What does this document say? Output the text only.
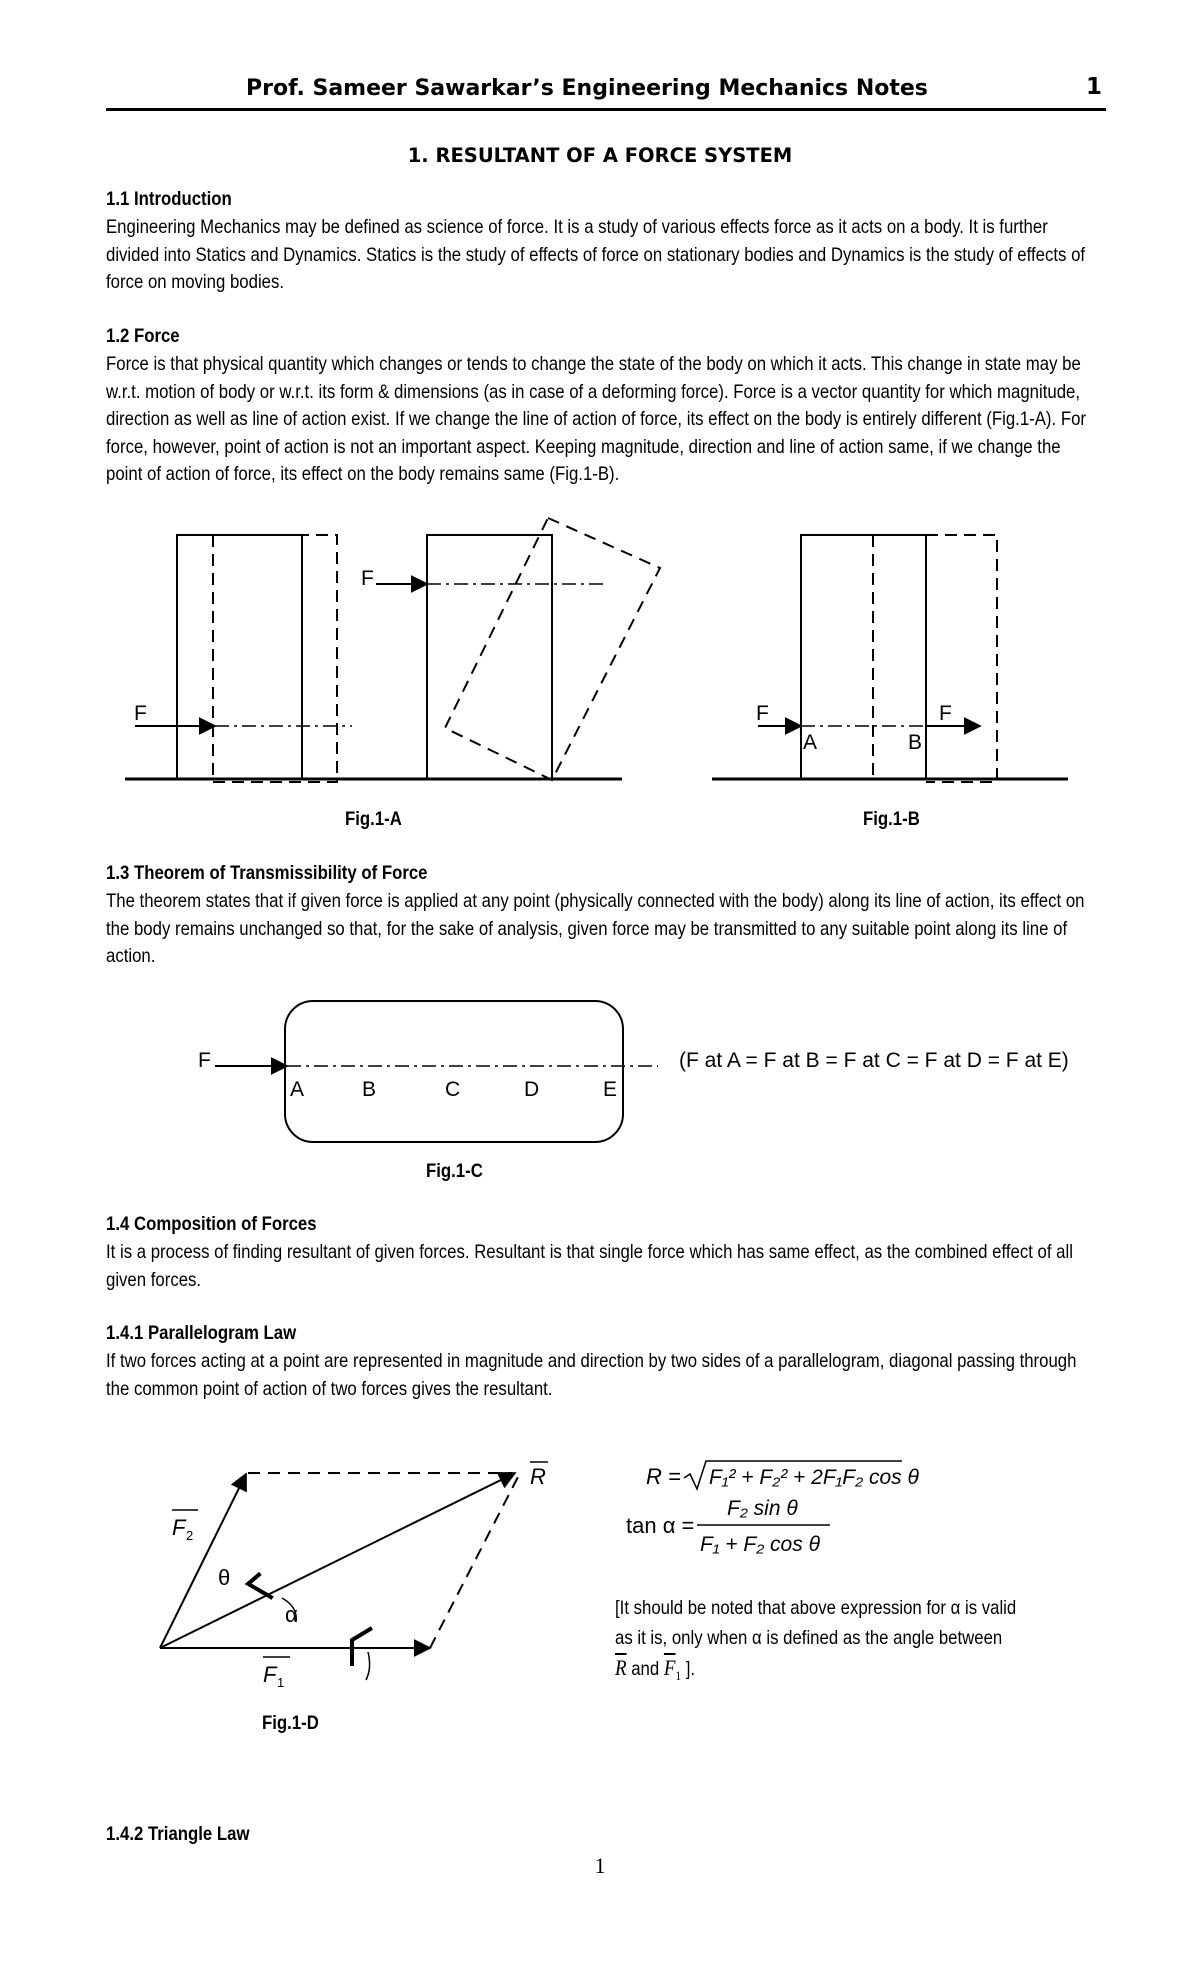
Prof. Sameer Sawarkar’s Engineering Mechanics Notes	1
1. RESULTANT OF A FORCE SYSTEM
1.1 Introduction

Engineering Mechanics may be defined as science of force. It is a study of various effects force as it acts on a body. It is further divided into Statics and Dynamics. Statics is the study of effects of force on stationary bodies and Dynamics is the study of effects of force on moving bodies.

1.2 Force

Force is that physical quantity which changes or tends to change the state of the body on which it acts. This change in state may be w.r.t. motion of body or w.r.t. its form & dimensions (as in case of a deforming force). Force is a vector quantity for which magnitude, direction as well as line of action exist. If we change the line of action of force, its effect on the body is entirely different (Fig.1-A). For force, however, point of action is not an important aspect. Keeping magnitude, direction and line of action same, if we change the point of action of force, its effect on the body remains same (Fig.1-B).

F
F
F	F
A	B
Fig.1-A	Fig.1-B
1.3 Theorem of Transmissibility of Force

The theorem states that if given force is applied at any point (physically connected with the body) along its line of action, its effect on the body remains unchanged so that, for the sake of analysis, given force may be transmitted to any suitable point along its line of action.

F
A	B	C	D	E
(F at A = F at B = F at C = F at D = F at E)
Fig.1-C
1.4 Composition of Forces

It is a process of finding resultant of given forces. Resultant is that single force which has same effect, as the combined effect of all given forces.

1.4.1 Parallelogram Law

If two forces acting at a point are represented in magnitude and direction by two sides of a parallelogram, diagonal passing through the common point of action of two forces gives the resultant.

F 2
F 1
R
θ
α
R = F₁² + F₂² + 2F₁F₂ cos θ
tan α =
F₂ sin θ
F₁ + F₂ cos θ
[It should be noted that above expression for α is valid
as it is, only when α is defined as the angle between
$\overline{R}$ and $\overline{F}_1$ ].
Fig.1-D
1.4.2 Triangle Law
1
